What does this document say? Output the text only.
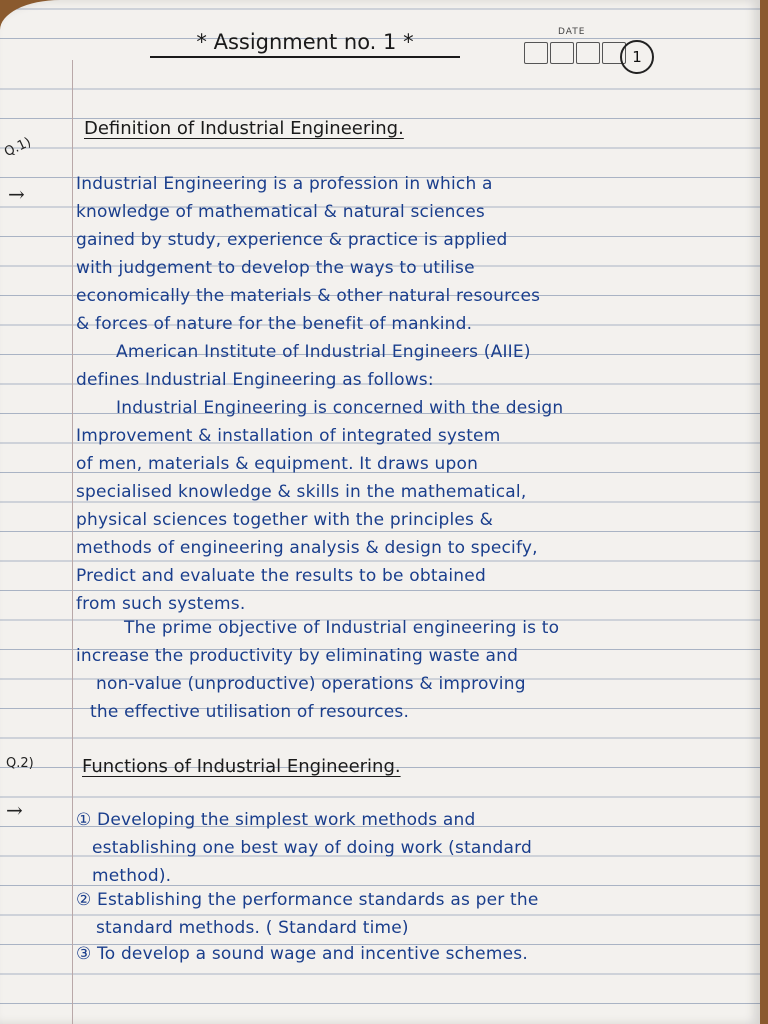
* Assignment no. 1 *	DATE
1
Q.1)
Definition of Industrial Engineering.
→	Industrial Engineering is a profession in which a
knowledge of mathematical & natural sciences
gained by study, experience & practice is applied
with judgement to develop the ways to utilise
economically the materials & other natural resources
& forces of nature for the benefit of mankind.
American Institute of Industrial Engineers (AIIE)
defines Industrial Engineering as follows:
Industrial Engineering is concerned with the design
Improvement & installation of integrated system
of men, materials & equipment. It draws upon
specialised knowledge & skills in the mathematical,
physical sciences together with the principles &
methods of engineering analysis & design to specify,
Predict and evaluate the results to be obtained
from such systems.
The prime objective of Industrial engineering is to
increase the productivity by eliminating waste and
non-value (unproductive) operations & improving
the effective utilisation of resources.
Q.2)	Functions of Industrial Engineering.
→	① Developing the simplest work methods and
establishing one best way of doing work (standard
method).
② Establishing the performance standards as per the
standard methods. ( Standard time)
③ To develop a sound wage and incentive schemes.
